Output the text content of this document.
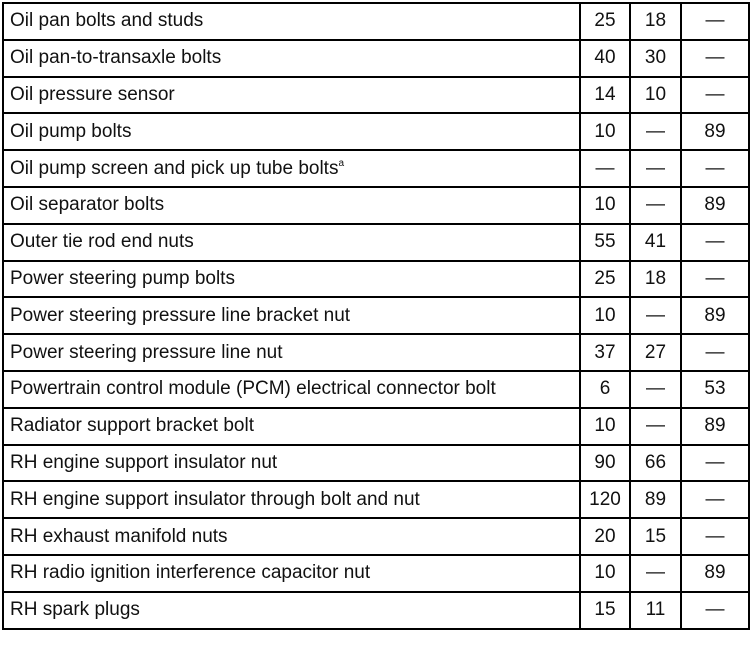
Oil pan bolts and studs	25	18	—
Oil pan-to-transaxle bolts	40	30	—
Oil pressure sensor	14	10	—
Oil pump bolts	10	—	89
Oil pump screen and pick up tube bolts$^a$	—	—	—
Oil separator bolts	10	—	89
Outer tie rod end nuts	55	41	—
Power steering pump bolts	25	18	—
Power steering pressure line bracket nut	10	—	89
Power steering pressure line nut	37	27	—
Powertrain control module (PCM) electrical connector bolt	6	—	53
Radiator support bracket bolt	10	—	89
RH engine support insulator nut	90	66	—
RH engine support insulator through bolt and nut	120	89	—
RH exhaust manifold nuts	20	15	—
RH radio ignition interference capacitor nut	10	—	89
RH spark plugs	15	11	—
